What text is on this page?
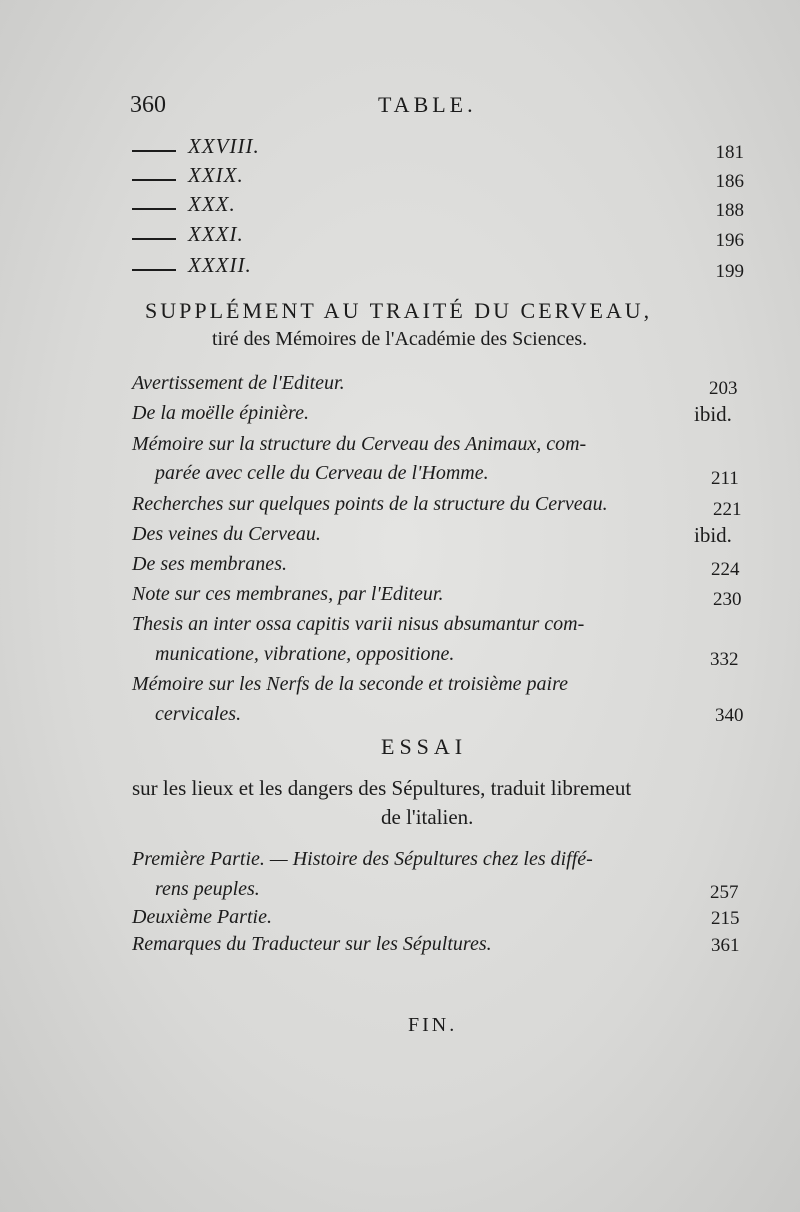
360	TABLE.
XXVIII.	181
XXIX.	186
XXX.	188
XXXI.	196
XXXII.	199
SUPPLÉMENT AU TRAITÉ DU CERVEAU,
tiré des Mémoires de l'Académie des Sciences.
Avertissement de l'Editeur.	203
De la moëlle épinière.	ibid.
Mémoire sur la structure du Cerveau des Animaux, com-
parée avec celle du Cerveau de l'Homme.	211
Recherches sur quelques points de la structure du Cerveau.	221
Des veines du Cerveau.	ibid.
De ses membranes.	224
Note sur ces membranes, par l'Editeur.	230
Thesis an inter ossa capitis varii nisus absumantur com-
municatione, vibratione, oppositione.	332
Mémoire sur les Nerfs de la seconde et troisième paire
cervicales.	340
ESSAI
sur les lieux et les dangers des Sépultures, traduit libremeut
de l'italien.
Première Partie. — Histoire des Sépultures chez les diffé-
rens peuples.	257
Deuxième Partie.	215
Remarques du Traducteur sur les Sépultures.	361
FIN.
